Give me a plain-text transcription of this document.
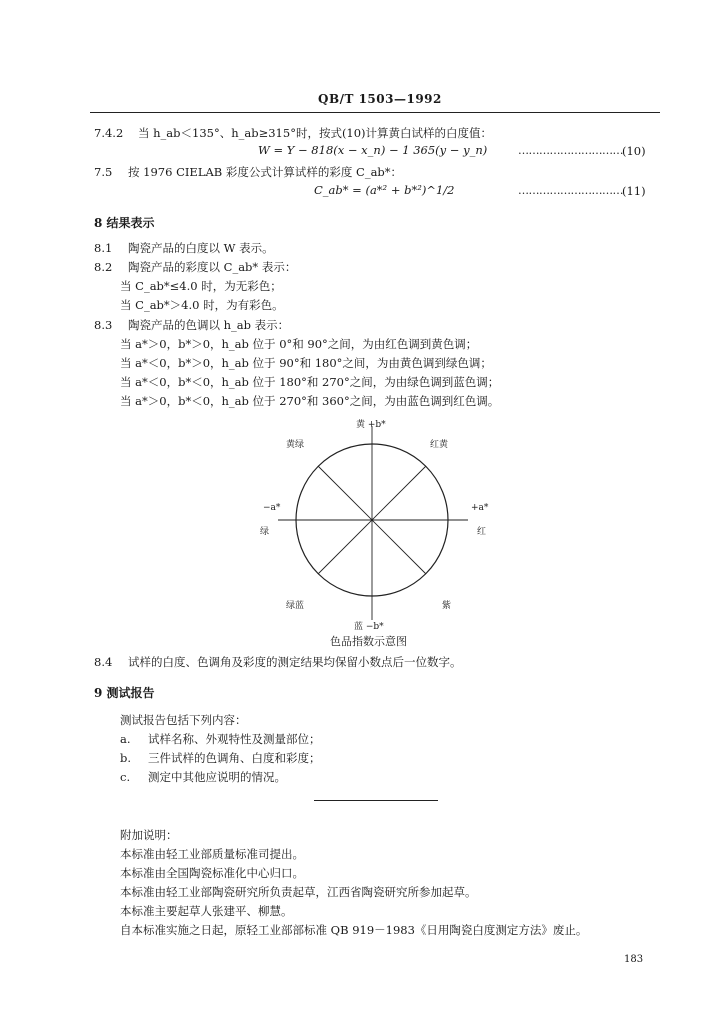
QB/T 1503—1992
7.4.2 当 h_ab＜135°、h_ab≥315°时，按式(10)计算黄白试样的白度值：
W = Y − 818(x − x_n) − 1 365(y − y_n)	………………………… (10)
7.5 按 1976 CIELAB 彩度公式计算试样的彩度 C_ab*：
C_ab* = (a*² + b*²)^1/2	………………………… (11)
8 结果表示
8.1 陶瓷产品的白度以 W 表示。
8.2 陶瓷产品的彩度以 C_ab* 表示：
当 C_ab*≤4.0 时，为无彩色；
当 C_ab*＞4.0 时，为有彩色。
8.3 陶瓷产品的色调以 h_ab 表示：
当 a*＞0，b*＞0，h_ab 位于 0°和 90°之间，为由红色调到黄色调；
当 a*＜0，b*＞0，h_ab 位于 90°和 180°之间，为由黄色调到绿色调；
当 a*＜0，b*＜0，h_ab 位于 180°和 270°之间，为由绿色调到蓝色调；
当 a*＞0，b*＜0，h_ab 位于 270°和 360°之间，为由蓝色调到红色调。
黄 +b*
黄绿	红黄
−a*
绿
+a*
红
绿蓝	紫
蓝 −b*
色品指数示意图
8.4 试样的白度、色调角及彩度的测定结果均保留小数点后一位数字。
9 测试报告
测试报告包括下列内容：
a. 试样名称、外观特性及测量部位；
b. 三件试样的色调角、白度和彩度；
c. 测定中其他应说明的情况。
附加说明：
本标准由轻工业部质量标准司提出。
本标准由全国陶瓷标准化中心归口。
本标准由轻工业部陶瓷研究所负责起草，江西省陶瓷研究所参加起草。
本标准主要起草人张建平、柳慧。
自本标准实施之日起，原轻工业部部标准 QB 919－1983《日用陶瓷白度测定方法》废止。
183
